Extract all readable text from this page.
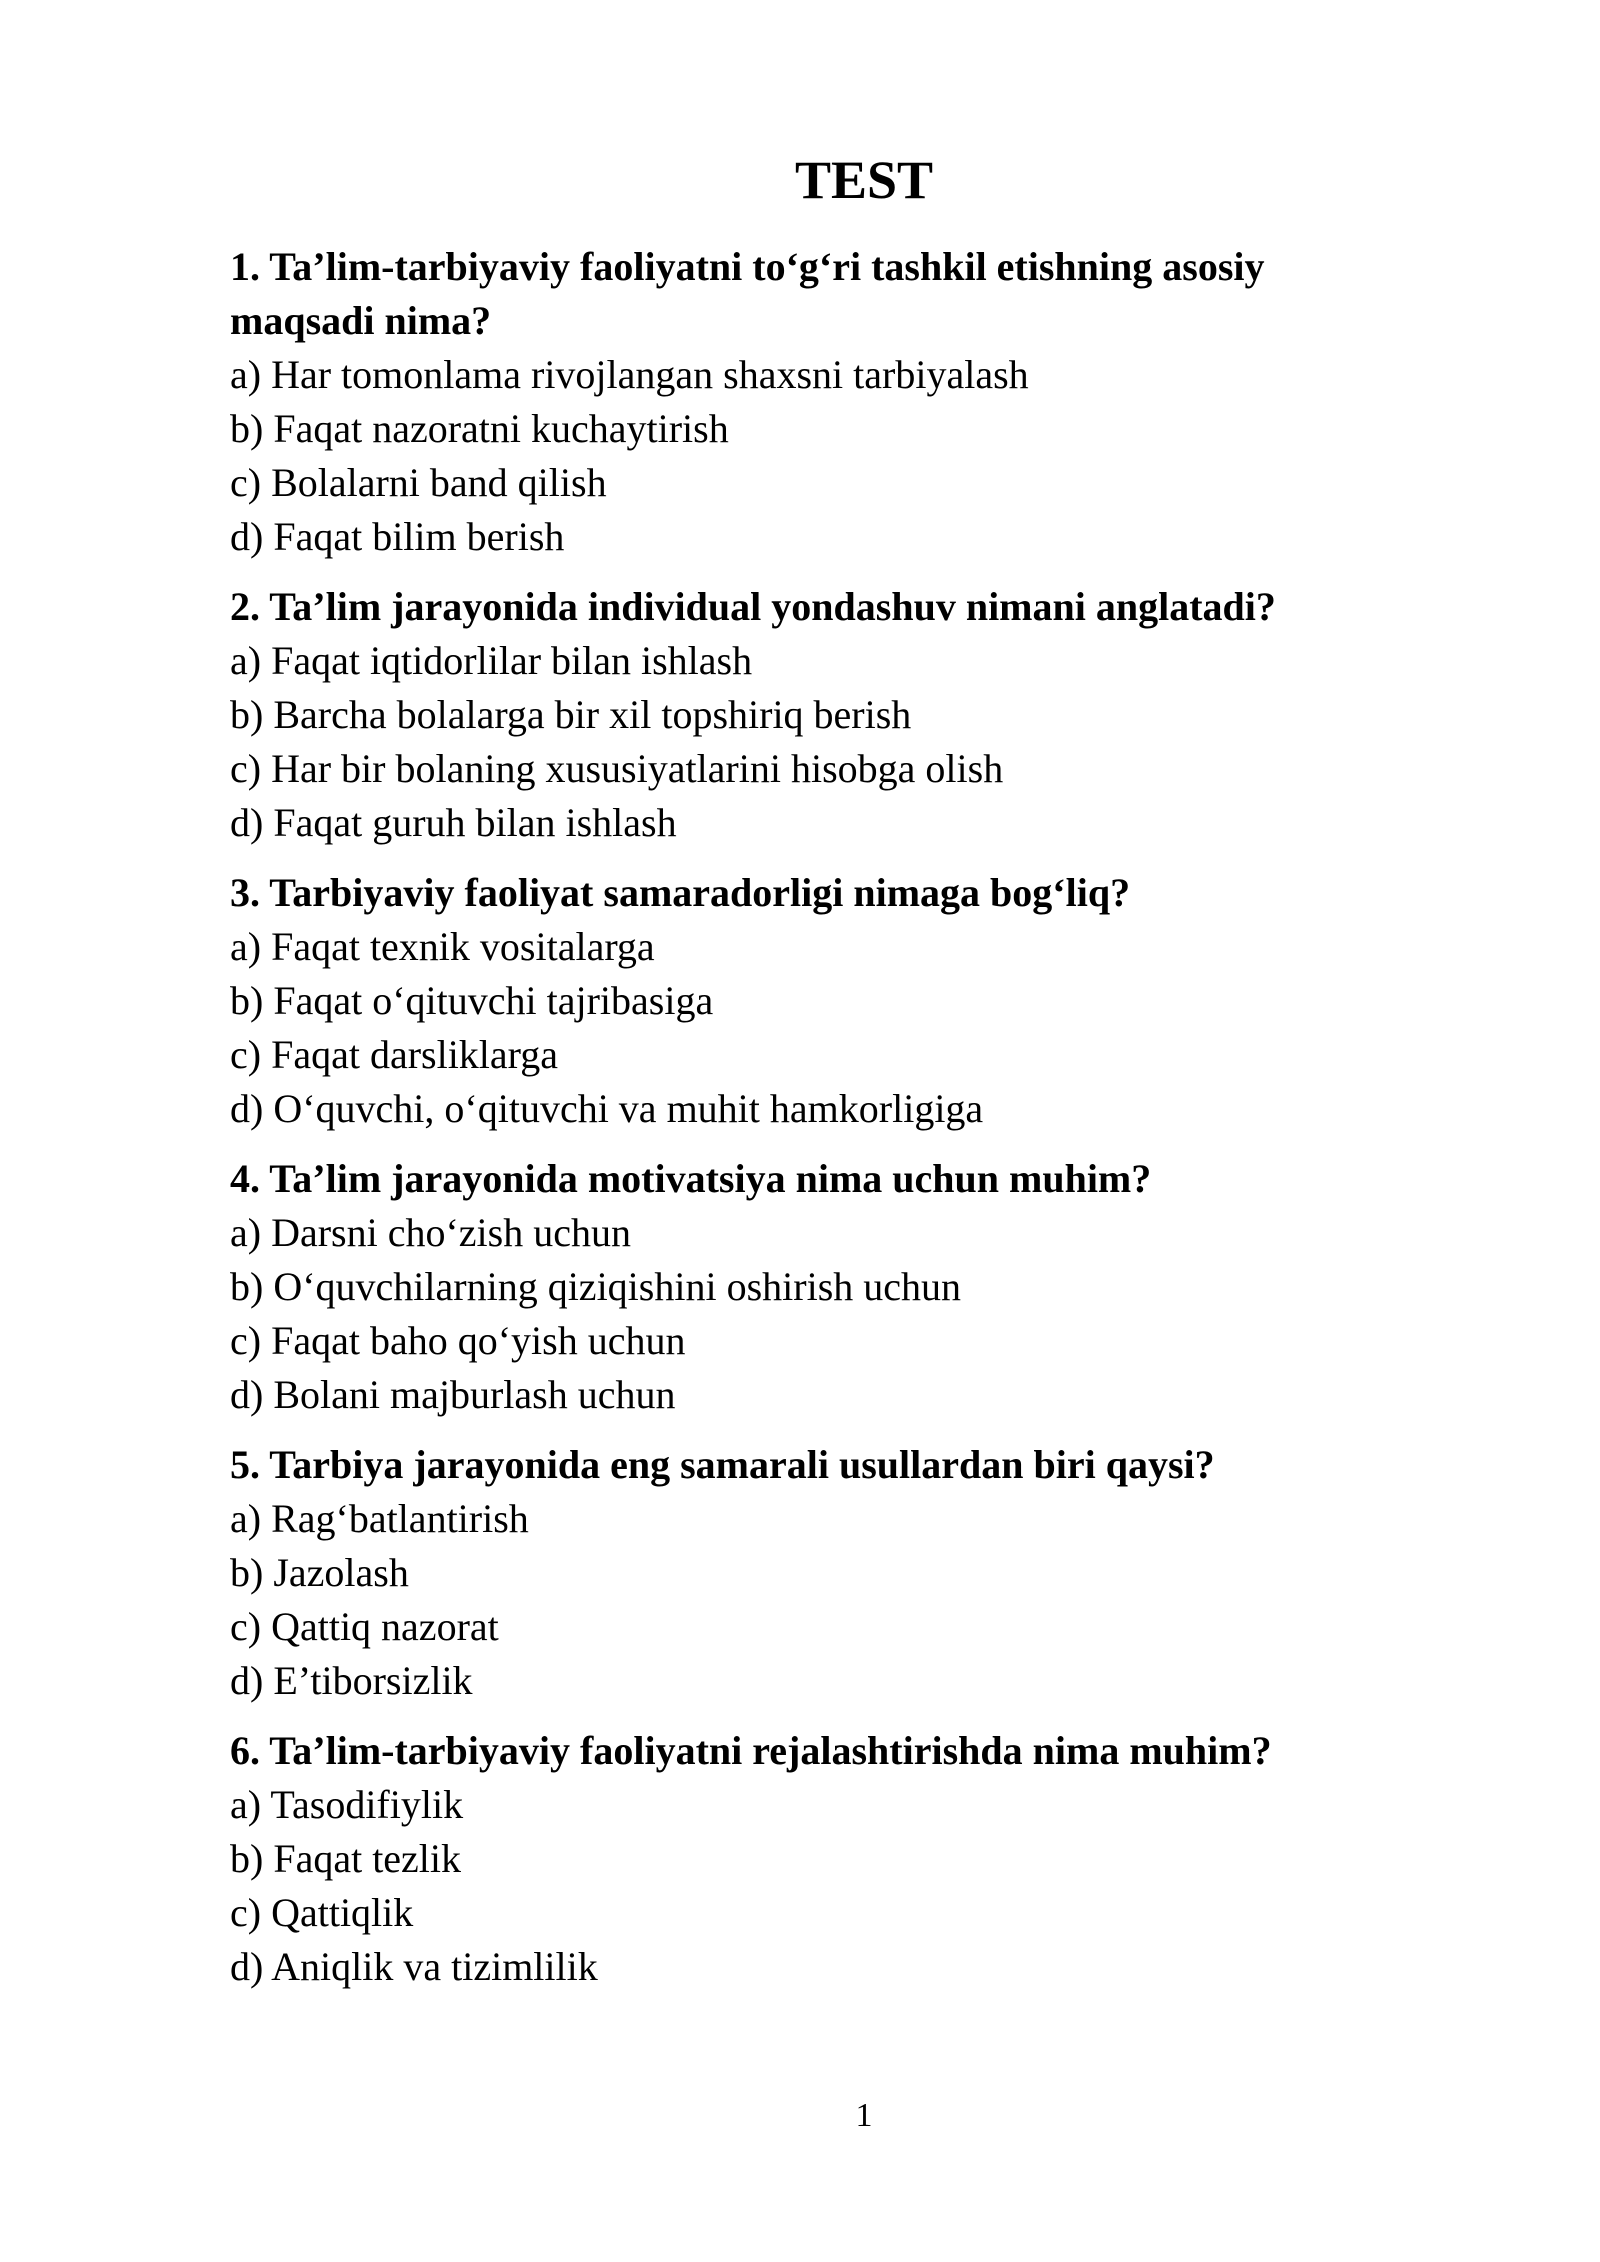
TEST

1. Ta’lim-tarbiyaviy faoliyatni to‘g‘ri tashkil etishning asosiy maqsadi nima?

a) Har tomonlama rivojlangan shaxsni tarbiyalash

b) Faqat nazoratni kuchaytirish

c) Bolalarni band qilish

d) Faqat bilim berish

2. Ta’lim jarayonida individual yondashuv nimani anglatadi?

a) Faqat iqtidorlilar bilan ishlash

b) Barcha bolalarga bir xil topshiriq berish

c) Har bir bolaning xususiyatlarini hisobga olish

d) Faqat guruh bilan ishlash

3. Tarbiyaviy faoliyat samaradorligi nimaga bog‘liq?

a) Faqat texnik vositalarga

b) Faqat o‘qituvchi tajribasiga

c) Faqat darsliklarga

d) O‘quvchi, o‘qituvchi va muhit hamkorligiga

4. Ta’lim jarayonida motivatsiya nima uchun muhim?

a) Darsni cho‘zish uchun

b) O‘quvchilarning qiziqishini oshirish uchun

c) Faqat baho qo‘yish uchun

d) Bolani majburlash uchun

5. Tarbiya jarayonida eng samarali usullardan biri qaysi?

a) Rag‘batlantirish

b) Jazolash

c) Qattiq nazorat

d) E’tiborsizlik

6. Ta’lim-tarbiyaviy faoliyatni rejalashtirishda nima muhim?

a) Tasodifiylik

b) Faqat tezlik

c) Qattiqlik

d) Aniqlik va tizimlilik

1
